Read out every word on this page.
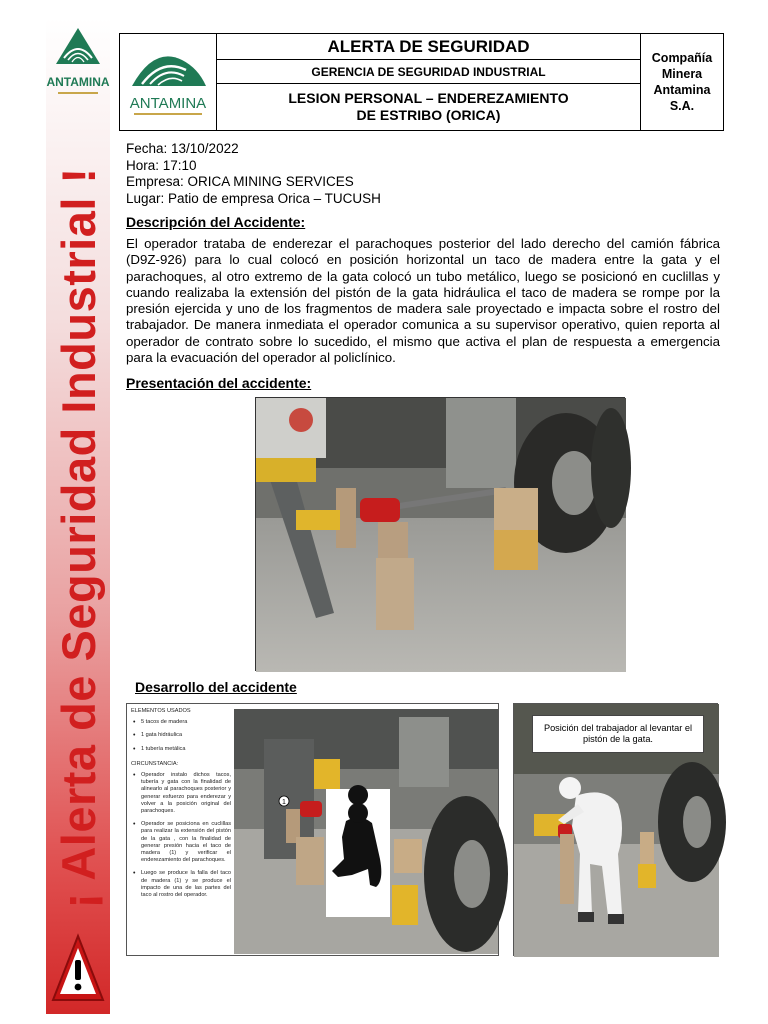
ANTAMINA
¡ Alerta de Seguridad Industrial !
ANTAMINA
ALERTA DE SEGURIDAD
GERENCIA DE SEGURIDAD INDUSTRIAL
LESION PERSONAL – ENDEREZAMIENTO
DE ESTRIBO (ORICA)
Compañía
Minera
Antamina
S.A.
Fecha: 13/10/2022
Hora: 17:10
Empresa: ORICA MINING SERVICES
Lugar: Patio de empresa Orica – TUCUSH
Descripción del Accidente:
El operador trataba de enderezar el parachoques posterior del lado derecho del camión fábrica (D9Z-926) para lo cual colocó en posición horizontal un taco de madera entre la gata y el parachoques, al otro extremo de la gata colocó un tubo metálico, luego se posicionó en cuclillas y cuando realizaba la extensión del pistón de la gata hidráulica el taco de madera se rompe por la presión ejercida y uno de los fragmentos de madera sale proyectado e impacta sobre el rostro del trabajador. De manera inmediata el operador comunica a su supervisor operativo, quien reporta al operador de contrato sobre lo sucedido, el mismo que activa el plan de respuesta a emergencia para la evacuación del operador al policlínico.
Presentación del accidente:
Desarrollo del accidente
ELEMENTOS USADOS
• 5 tacos de madera
• 1 gata hidráulica
• 1 tubería metálica
CIRCUNSTANCIA:
• Operador instalo dichos tacos, tubería y gata con la finalidad de alinearlo al parachoques posterior y generar esfuerzo para enderezar y volver a la posición original del parachoques.
• Operador se posiciona en cuclillas para realizar la extensión del pistón de la gata , con la finalidad de generar presión hacia el taco de madera (1) y verificar el enderezamiento del parachoques.
• Luego se produce la falla del taco de madera (1) y se produce el impacto de una de las partes del taco al rostro del operador.
1
Posición del trabajador al levantar el pistón de la gata.
